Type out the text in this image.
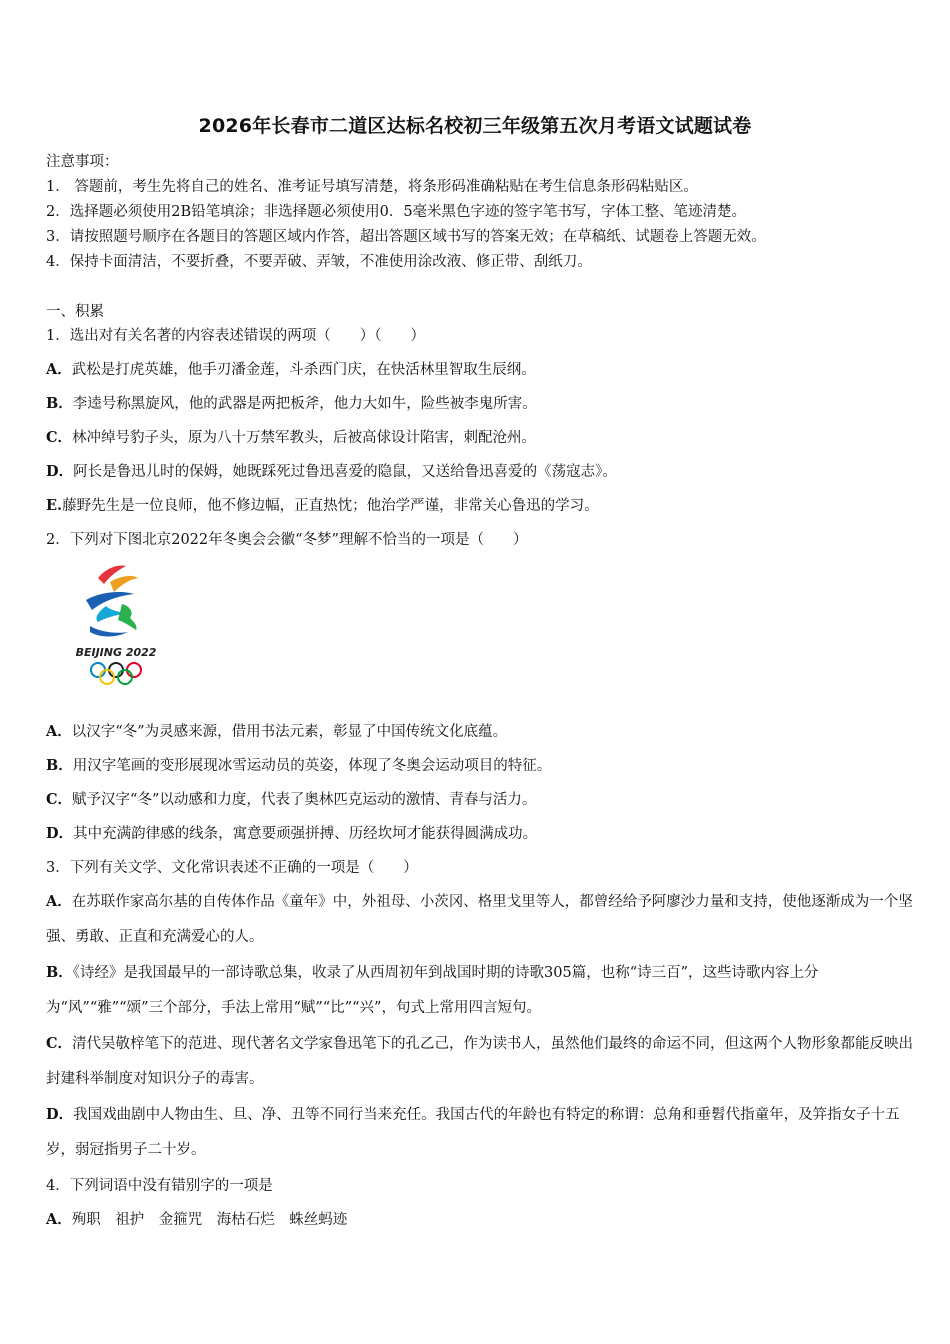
2026年长春市二道区达标名校初三年级第五次月考语文试题试卷
注意事项：
1． 答题前，考生先将自己的姓名、准考证号填写清楚，将条形码准确粘贴在考生信息条形码粘贴区。
2．选择题必须使用2B铅笔填涂；非选择题必须使用0．5毫米黑色字迹的签字笔书写，字体工整、笔迹清楚。
3．请按照题号顺序在各题目的答题区域内作答，超出答题区域书写的答案无效；在草稿纸、试题卷上答题无效。
4．保持卡面清洁，不要折叠，不要弄破、弄皱，不准使用涂改液、修正带、刮纸刀。
一、积累
1．选出对有关名著的内容表述错误的两项（　　）（　　）
A．武松是打虎英雄，他手刃潘金莲，斗杀西门庆，在快活林里智取生辰纲。
B．李逵号称黑旋风，他的武器是两把板斧，他力大如牛，险些被李鬼所害。
C．林冲绰号豹子头，原为八十万禁军教头，后被高俅设计陷害，刺配沧州。
D．阿长是鲁迅儿时的保姆，她既踩死过鲁迅喜爱的隐鼠，又送给鲁迅喜爱的《荡寇志》。
E.藤野先生是一位良师，他不修边幅，正直热忱；他治学严谨，非常关心鲁迅的学习。
2．下列对下图北京2022年冬奥会会徽“冬梦”理解不恰当的一项是（　　）
BEIJING 2022
A．以汉字“冬”为灵感来源，借用书法元素，彰显了中国传统文化底蕴。
B．用汉字笔画的变形展现冰雪运动员的英姿，体现了冬奥会运动项目的特征。
C．赋予汉字“冬”以动感和力度，代表了奥林匹克运动的激情、青春与活力。
D．其中充满韵律感的线条，寓意要顽强拼搏、历经坎坷才能获得圆满成功。
3．下列有关文学、文化常识表述不正确的一项是（　　）
A．在苏联作家高尔基的自传体作品《童年》中，外祖母、小茨冈、格里戈里等人，都曾经给予阿廖沙力量和支持，使他逐渐成为一个坚强、勇敢、正直和充满爱心的人。
B．《诗经》是我国最早的一部诗歌总集，收录了从西周初年到战国时期的诗歌305篇，也称“诗三百”，这些诗歌内容上分为“风”“雅”“颂”三个部分，手法上常用“赋”“比”“兴”，句式上常用四言短句。
C．清代吴敬梓笔下的范进、现代著名文学家鲁迅笔下的孔乙己，作为读书人，虽然他们最终的命运不同，但这两个人物形象都能反映出封建科举制度对知识分子的毒害。
D．我国戏曲剧中人物由生、旦、净、丑等不同行当来充任。我国古代的年龄也有特定的称谓：总角和垂髫代指童年，及笄指女子十五岁，弱冠指男子二十岁。
4．下列词语中没有错别字的一项是
A．殉职　祖护　金箍咒　海枯石烂　蛛丝蚂迹
